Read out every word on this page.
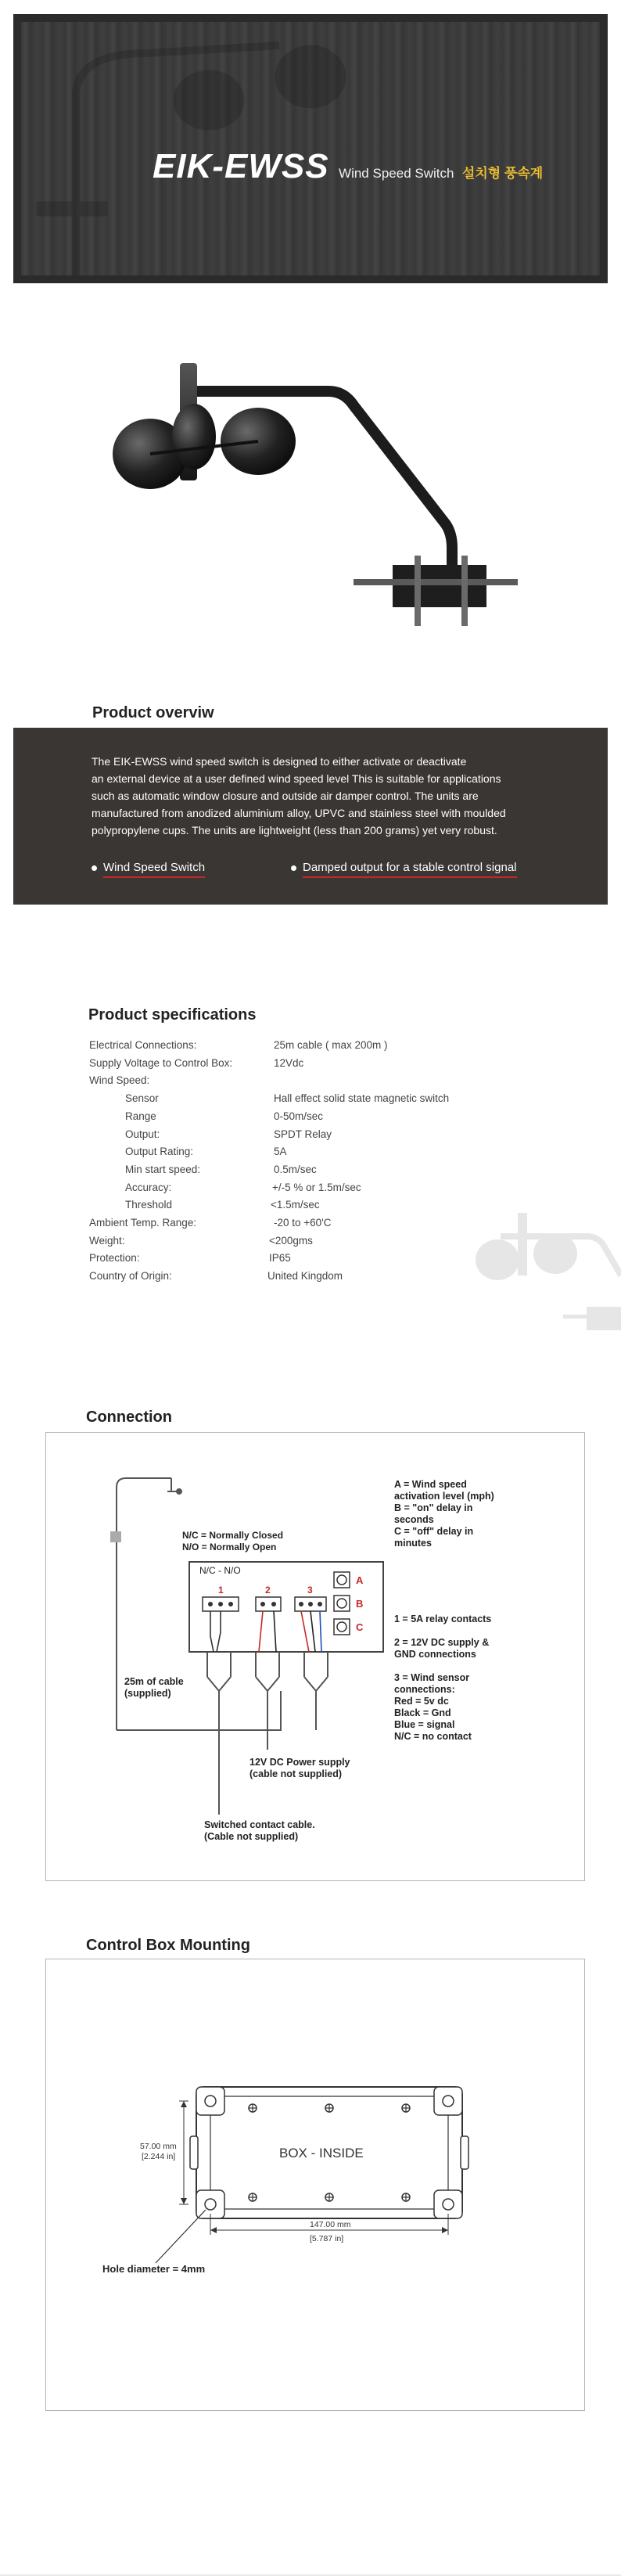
EIK-EWSS Wind Speed Switch 설치형 풍속계
Product overviw
The EIK-EWSS wind speed switch is designed to either activate or deactivate
an external device at a user defined wind speed level This is suitable for applications
such as automatic window closure and outside air damper control. The units are
manufactured from anodized aluminium alloy, UPVC and stainless steel with moulded
polypropylene cups. The units are lightweight (less than 200 grams) yet very robust.
Wind Speed Switch	Damped output for a stable control signal
Product specifications
Electrical Connections:	25m cable ( max 200m )
Supply Voltage to Control Box:	12Vdc
Wind Speed:
Sensor	Hall effect solid state magnetic switch
Range	0-50m/sec
Output:	SPDT Relay
Output Rating:	5A
Min start speed:	0.5m/sec
Accuracy:	+/-5 % or 1.5m/sec
Threshold	<1.5m/sec
Ambient Temp. Range:	-20 to +60'C
Weight:	<200gms
Protection:	IP65
Country of Origin:	United Kingdom
Connection
N/C = Normally Closed
N/O = Normally Open
N/C - N/O
1	2	3
A
B
C
A = Wind speed
activation level (mph)
B = "on" delay in
seconds
C = "off" delay in
minutes
1 = 5A relay contacts
2 = 12V DC supply &
GND connections
3 = Wind sensor
connections:
Red = 5v dc
Black = Gnd
Blue = signal
N/C = no contact
25m of cable
(supplied)
12V DC Power supply
(cable not supplied)
Switched contact cable.
(Cable not supplied)
Control Box Mounting
BOX - INSIDE
57.00 mm
[2.244 in]
147.00 mm
[5.787 in]
Hole diameter = 4mm
